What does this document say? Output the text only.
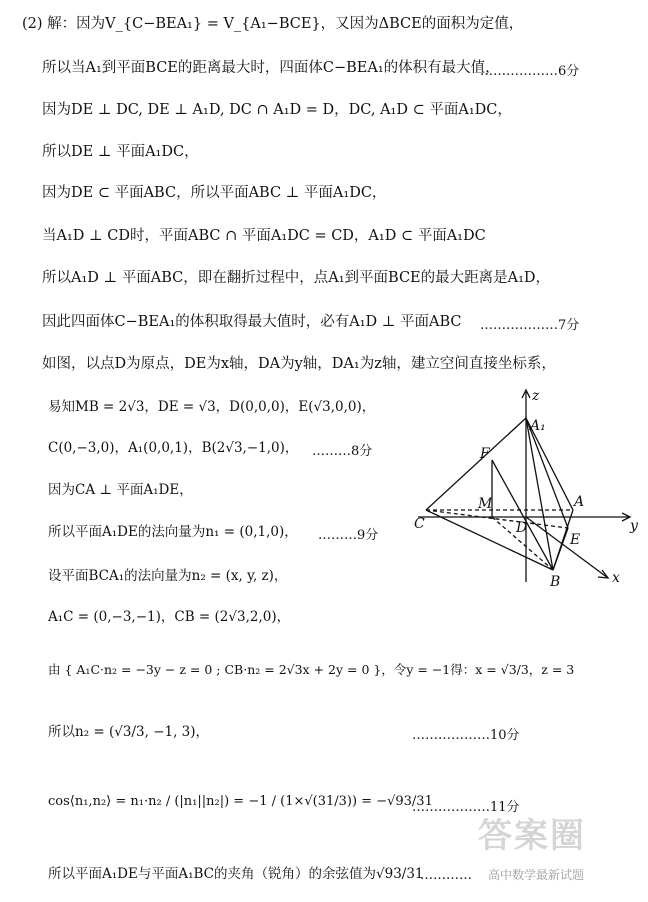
(2) 解：因为V_{C−BEA₁} = V_{A₁−BCE}，又因为ΔBCE的面积为定值，
所以当A₁到平面BCE的距离最大时，四面体C−BEA₁的体积有最大值，
………………6分
因为DE ⊥ DC, DE ⊥ A₁D, DC ∩ A₁D = D，DC, A₁D ⊂ 平面A₁DC，
所以DE ⊥ 平面A₁DC，
因为DE ⊂ 平面ABC，所以平面ABC ⊥ 平面A₁DC，
当A₁D ⊥ CD时，平面ABC ∩ 平面A₁DC = CD，A₁D ⊂ 平面A₁DC
所以A₁D ⊥ 平面ABC，即在翻折过程中，点A₁到平面BCE的最大距离是A₁D，
因此四面体C−BEA₁的体积取得最大值时，必有A₁D ⊥ 平面ABC ………………7分
如图，以点D为原点，DE为x轴，DA为y轴，DA₁为z轴，建立空间直接坐标系，
易知MB = 2√3，DE = √3，D(0,0,0)，E(√3,0,0)，
C(0,−3,0)，A₁(0,0,1)，B(2√3,−1,0)， ………8分
因为CA ⊥ 平面A₁DE，
所以平面A₁DE的法向量为n₁ = (0,1,0)， ………9分
设平面BCA₁的法向量为n₂ = (x, y, z)，
A₁C = (0,−3,−1)，CB = (2√3,2,0)，
由 { A₁C·n₂ = −3y − z = 0 ; CB·n₂ = 2√3x + 2y = 0 }，令y = −1得：x = √3/3，z = 3
所以n₂ = (√3/3, −1, 3)，	………………10分
cos⟨n₁,n₂⟩ = n₁·n₂ / (|n₁||n₂|) = −1 / (1×√(31/3)) = −√93/31
………………11分
所以平面A₁DE与平面A₁BC的夹角（锐角）的余弦值为√93/31
…………
z
A₁
F
M
D
A
C
E
B
y
x
答案圈
高中数学最新试题
